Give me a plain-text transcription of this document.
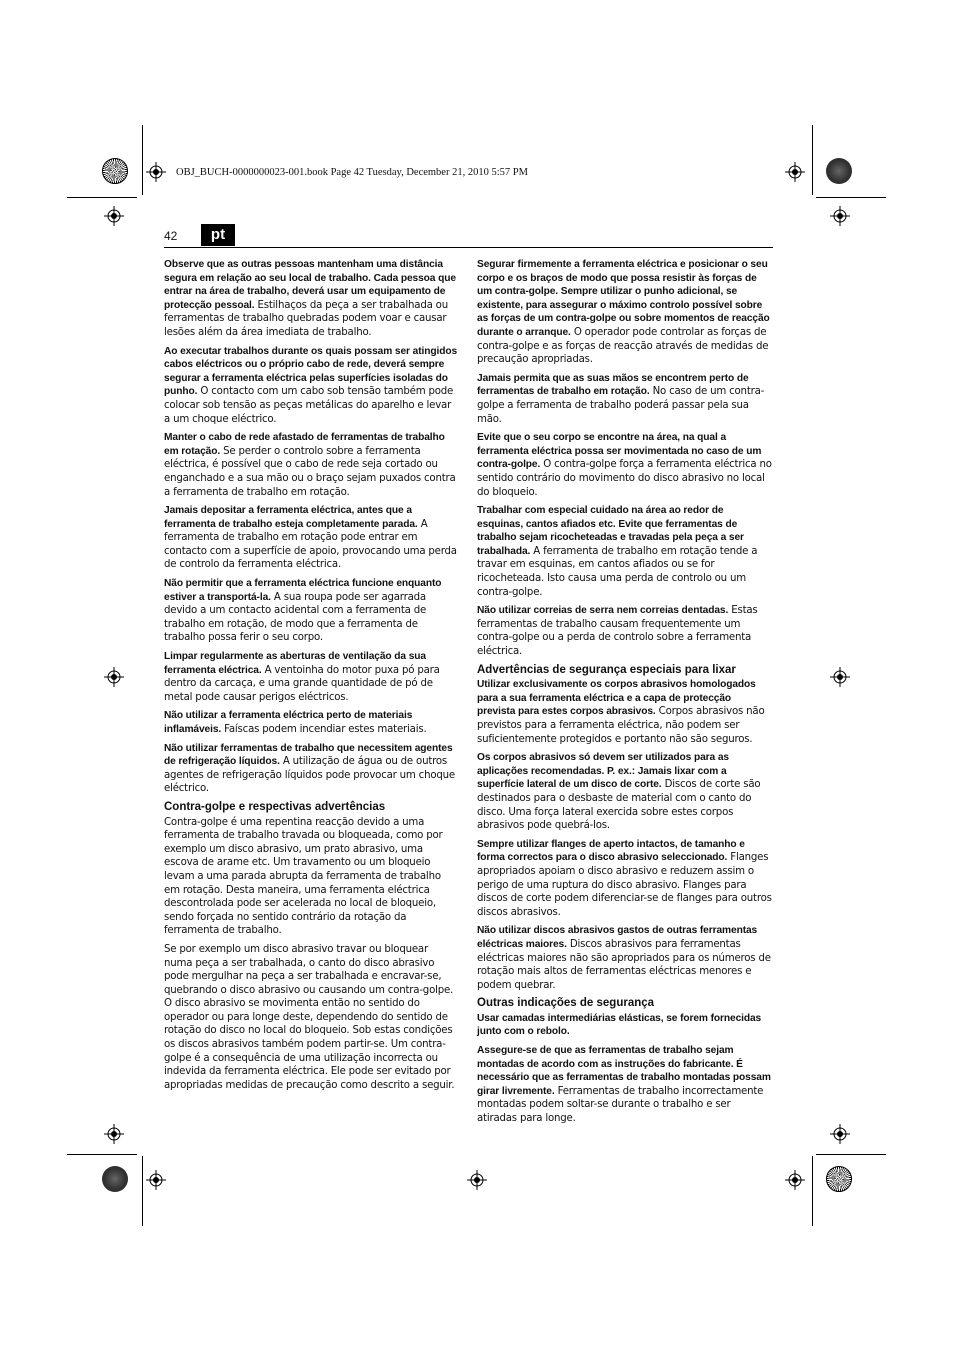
OBJ_BUCH-0000000023-001.book Page 42 Tuesday, December 21, 2010 5:57 PM
42	pt

Observe que as outras pessoas mantenham uma distância segura em relação ao seu local de trabalho. Cada pessoa que entrar na área de trabalho, deverá usar um equipamento de protecção pessoal. Estilhaços da peça a ser trabalhada ou ferramentas de trabalho quebradas podem voar e causar lesões além da área imediata de trabalho.

Ao executar trabalhos durante os quais possam ser atingidos cabos eléctricos ou o próprio cabo de rede, deverá sempre segurar a ferramenta eléctrica pelas superfícies isoladas do punho. O contacto com um cabo sob tensão também pode colocar sob tensão as peças metálicas do aparelho e levar a um choque eléctrico.

Manter o cabo de rede afastado de ferramentas de trabalho em rotação. Se perder o controlo sobre a ferramenta eléctrica, é possível que o cabo de rede seja cortado ou enganchado e a sua mão ou o braço sejam puxados contra a ferramenta de trabalho em rotação.

Jamais depositar a ferramenta eléctrica, antes que a ferramenta de trabalho esteja completamente parada. A ferramenta de trabalho em rotação pode entrar em contacto com a superfície de apoio, provocando uma perda de controlo da ferramenta eléctrica.

Não permitir que a ferramenta eléctrica funcione enquanto estiver a transportá-la. A sua roupa pode ser agarrada devido a um contacto acidental com a ferramenta de trabalho em rotação, de modo que a ferramenta de trabalho possa ferir o seu corpo.

Limpar regularmente as aberturas de ventilação da sua ferramenta eléctrica. A ventoinha do motor puxa pó para dentro da carcaça, e uma grande quantidade de pó de metal pode causar perigos eléctricos.

Não utilizar a ferramenta eléctrica perto de materiais inflamáveis. Faíscas podem incendiar estes materiais.

Não utilizar ferramentas de trabalho que necessitem agentes de refrigeração líquidos. A utilização de água ou de outros agentes de refrigeração líquidos pode provocar um choque eléctrico.

Contra-golpe e respectivas advertências

Contra-golpe é uma repentina reacção devido a uma ferramenta de trabalho travada ou bloqueada, como por exemplo um disco abrasivo, um prato abrasivo, uma escova de arame etc. Um travamento ou um bloqueio levam a uma parada abrupta da ferramenta de trabalho em rotação. Desta maneira, uma ferramenta eléctrica descontrolada pode ser acelerada no local de bloqueio, sendo forçada no sentido contrário da rotação da ferramenta de trabalho.

Se por exemplo um disco abrasivo travar ou bloquear numa peça a ser trabalhada, o canto do disco abrasivo pode mergulhar na peça a ser trabalhada e encravar-se, quebrando o disco abrasivo ou causando um contra-golpe. O disco abrasivo se movimenta então no sentido do operador ou para longe deste, dependendo do sentido de rotação do disco no local do bloqueio. Sob estas condições os discos abrasivos também podem partir-se. Um contra-golpe é a consequência de uma utilização incorrecta ou indevida da ferramenta eléctrica. Ele pode ser evitado por apropriadas medidas de precaução como descrito a seguir.

Segurar firmemente a ferramenta eléctrica e posicionar o seu corpo e os braços de modo que possa resistir às forças de um contra-golpe. Sempre utilizar o punho adicional, se existente, para assegurar o máximo controlo possível sobre as forças de um contra-golpe ou sobre momentos de reacção durante o arranque. O operador pode controlar as forças de contra-golpe e as forças de reacção através de medidas de precaução apropriadas.

Jamais permita que as suas mãos se encontrem perto de ferramentas de trabalho em rotação. No caso de um contra-golpe a ferramenta de trabalho poderá passar pela sua mão.

Evite que o seu corpo se encontre na área, na qual a ferramenta eléctrica possa ser movimentada no caso de um contra-golpe. O contra-golpe força a ferramenta eléctrica no sentido contrário do movimento do disco abrasivo no local do bloqueio.

Trabalhar com especial cuidado na área ao redor de esquinas, cantos afiados etc. Evite que ferramentas de trabalho sejam ricocheteadas e travadas pela peça a ser trabalhada. A ferramenta de trabalho em rotação tende a travar em esquinas, em cantos afiados ou se for ricocheteada. Isto causa uma perda de controlo ou um contra-golpe.

Não utilizar correias de serra nem correias dentadas. Estas ferramentas de trabalho causam frequentemente um contra-golpe ou a perda de controlo sobre a ferramenta eléctrica.

Advertências de segurança especiais para lixar

Utilizar exclusivamente os corpos abrasivos homologados para a sua ferramenta eléctrica e a capa de protecção prevista para estes corpos abrasivos. Corpos abrasivos não previstos para a ferramenta eléctrica, não podem ser suficientemente protegidos e portanto não são seguros.

Os corpos abrasivos só devem ser utilizados para as aplicações recomendadas. P. ex.: Jamais lixar com a superfície lateral de um disco de corte. Discos de corte são destinados para o desbaste de material com o canto do disco. Uma força lateral exercida sobre estes corpos abrasivos pode quebrá-los.

Sempre utilizar flanges de aperto intactos, de tamanho e forma correctos para o disco abrasivo seleccionado. Flanges apropriados apoiam o disco abrasivo e reduzem assim o perigo de uma ruptura do disco abrasivo. Flanges para discos de corte podem diferenciar-se de flanges para outros discos abrasivos.

Não utilizar discos abrasivos gastos de outras ferramentas eléctricas maiores. Discos abrasivos para ferramentas eléctricas maiores não são apropriados para os números de rotação mais altos de ferramentas eléctricas menores e podem quebrar.

Outras indicações de segurança

Usar camadas intermediárias elásticas, se forem fornecidas junto com o rebolo.

Assegure-se de que as ferramentas de trabalho sejam montadas de acordo com as instruções do fabricante. É necessário que as ferramentas de trabalho montadas possam girar livremente. Ferramentas de trabalho incorrectamente montadas podem soltar-se durante o trabalho e ser atiradas para longe.
